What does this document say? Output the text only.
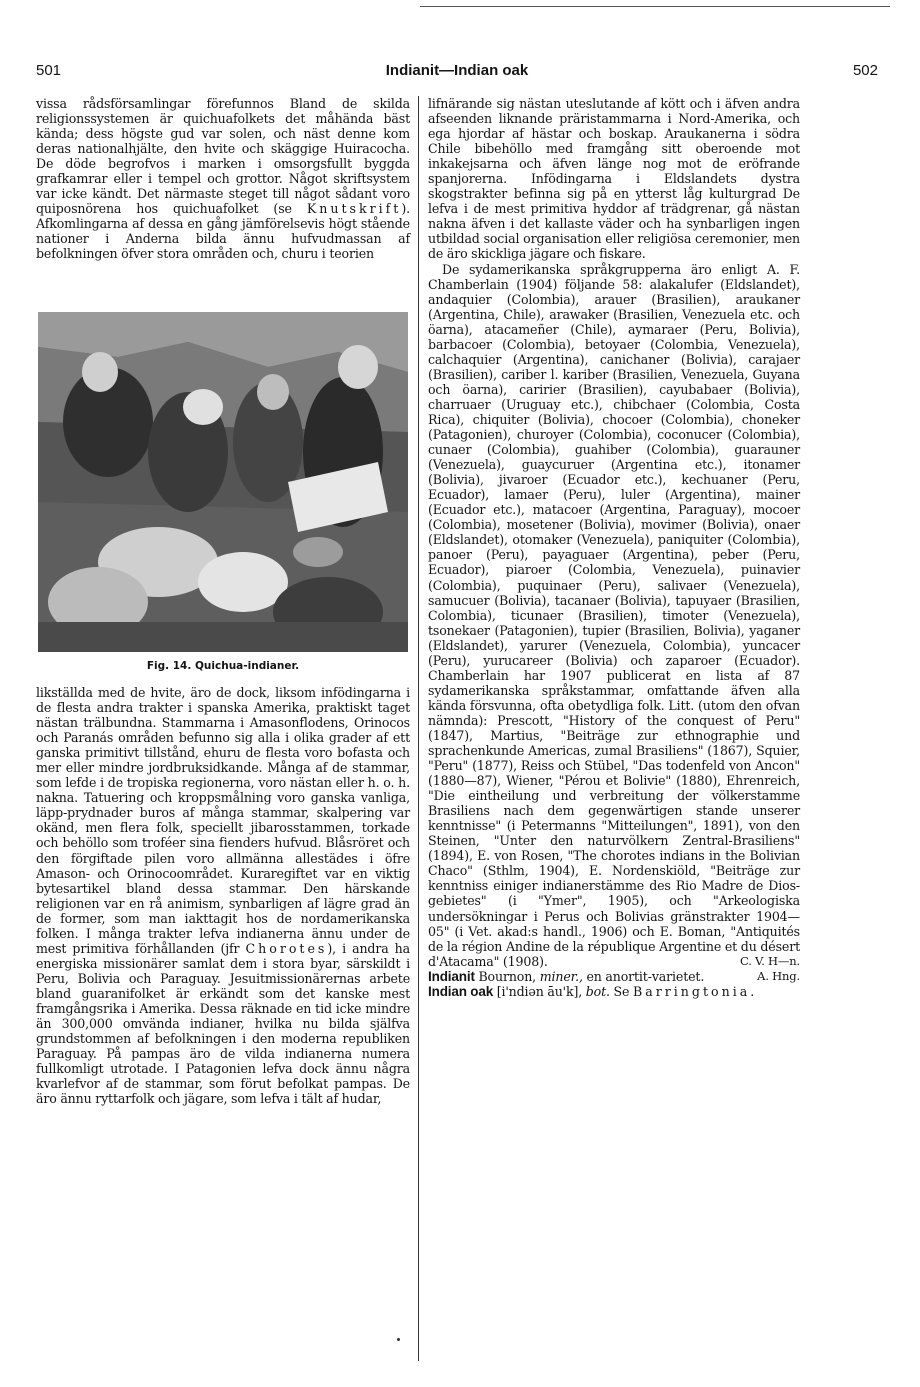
501	Indianit—Indian oak	502

vissa rådsförsamlingar förefunnos Bland de skilda religionssystemen är quichuafolkets det måhända bäst kända; dess högste gud var solen, och näst denne kom deras nationalhjälte, den hvite och skäggige Huiracocha. De döde begrofvos i marken i omsorgsfullt byggda grafkamrar eller i tempel och grottor. Något skriftsystem var icke kändt. Det närmaste steget till något sådant voro quiposnörena hos quichuafolket (se Knutskrift). Afkomlingarna af dessa en gång jämförelsevis högt stående nationer i Anderna bilda ännu hufvudmassan af befolkningen öfver stora områden och, churu i teorien

Fig. 14. Quichua-indianer.

likställda med de hvite, äro de dock, liksom infödingarna i de flesta andra trakter i spanska Amerika, praktiskt taget nästan trälbundna. Stammarna i Amasonflodens, Orinocos och Paranás områden befunno sig alla i olika grader af ett ganska primitivt tillstånd, ehuru de flesta voro bofasta och mer eller mindre jordbruksidkande. Många af de stammar, som lefde i de tropiska regionerna, voro nästan eller h. o. h. nakna. Tatuering och kroppsmålning voro ganska vanliga, läpp-prydnader buros af många stammar, skalpering var okänd, men flera folk, speciellt jibarosstammen, torkade och behöllo som troféer sina fienders hufvud. Blåsröret och den förgiftade pilen voro allmänna allestädes i öfre Amason- och Orinocoområdet. Kuraregiftet var en viktig bytesartikel bland dessa stammar. Den härskande religionen var en rå animism, synbarligen af lägre grad än de former, som man iakttagit hos de nordamerikanska folken. I många trakter lefva indianerna ännu under de mest primitiva förhållanden (jfr Chorotes), i andra ha energiska missionärer samlat dem i stora byar, särskildt i Peru, Bolivia och Paraguay. Jesuitmissionärernas arbete bland guaranifolket är erkändt som det kanske mest framgångsrika i Amerika. Dessa räknade en tid icke mindre än 300,000 omvända indianer, hvilka nu bilda själfva grundstommen af befolkningen i den moderna republiken Paraguay. På pampas äro de vilda indianerna numera fullkomligt utrotade. I Patagonien lefva dock ännu några kvarlefvor af de stammar, som förut befolkat pampas. De äro ännu ryttarfolk och jägare, som lefva i tält af hudar,

lifnärande sig nästan uteslutande af kött och i äfven andra afseenden liknande präristammarna i Nord-Amerika, och ega hjordar af hästar och boskap. Araukanerna i södra Chile bibehöllo med framgång sitt oberoende mot inkakejsarna och äfven länge nog mot de eröfrande spanjorerna. Infödingarna i Eldslandets dystra skogstrakter befinna sig på en ytterst låg kulturgrad De lefva i de mest primitiva hyddor af trädgrenar, gå nästan nakna äfven i det kallaste väder och ha synbarligen ingen utbildad social organisation eller religiösa ceremonier, men de äro skickliga jägare och fiskare.

De sydamerikanska språkgrupperna äro enligt A. F. Chamberlain (1904) följande 58: alakalufer (Eldslandet), andaquier (Colombia), arauer (Brasilien), araukaner (Argentina, Chile), arawaker (Brasilien, Venezuela etc. och öarna), atacameñer (Chile), aymaraer (Peru, Bolivia), barbacoer (Colombia), betoyaer (Colombia, Venezuela), calchaquier (Argentina), canichaner (Bolivia), carajaer (Brasilien), cariber l. kariber (Brasilien, Venezuela, Guyana och öarna), caririer (Brasilien), cayubabaer (Bolivia), charruaer (Uruguay etc.), chibchaer (Colombia, Costa Rica), chiquiter (Bolivia), chocoer (Colombia), choneker (Patagonien), churoyer (Colombia), coconucer (Colombia), cunaer (Colombia), guahiber (Colombia), guarauner (Venezuela), guaycuruer (Argentina etc.), itonamer (Bolivia), jivaroer (Ecuador etc.), kechuaner (Peru, Ecuador), lamaer (Peru), luler (Argentina), mainer (Ecuador etc.), matacoer (Argentina, Paraguay), mocoer (Colombia), mosetener (Bolivia), movimer (Bolivia), onaer (Eldslandet), otomaker (Venezuela), paniquiter (Colombia), panoer (Peru), payaguaer (Argentina), peber (Peru, Ecuador), piaroer (Colombia, Venezuela), puinavier (Colombia), puquinaer (Peru), salivaer (Venezuela), samucuer (Bolivia), tacanaer (Bolivia), tapuyaer (Brasilien, Colombia), ticunaer (Brasilien), timoter (Venezuela), tsonekaer (Patagonien), tupier (Brasilien, Bolivia), yaganer (Eldslandet), yarurer (Venezuela, Colombia), yuncacer (Peru), yurucareer (Bolivia) och zaparoer (Ecuador). Chamberlain har 1907 publicerat en lista af 87 sydamerikanska språkstammar, omfattande äfven alla kända försvunna, ofta obetydliga folk. Litt. (utom den ofvan nämnda): Prescott, "History of the conquest of Peru" (1847), Martius, "Beiträge zur ethnographie und sprachenkunde Americas, zumal Brasiliens" (1867), Squier, "Peru" (1877), Reiss och Stübel, "Das todenfeld von Ancon" (1880—87), Wiener, "Pérou et Bolivie" (1880), Ehrenreich, "Die eintheilung und verbreitung der völkerstamme Brasiliens nach dem gegenwärtigen stande unserer kenntnisse" (i Petermanns "Mitteilungen", 1891), von den Steinen, "Unter den naturvölkern Zentral-Brasiliens" (1894), E. von Rosen, "The chorotes indians in the Bolivian Chaco" (Sthlm, 1904), E. Nordenskiöld, "Beiträge zur kenntniss einiger indianerstämme des Rio Madre de Dios-gebietes" (i "Ymer", 1905), och "Arkeologiska undersökningar i Perus och Bolivias gränstrakter 1904—05" (i Vet. akad:s handl., 1906) och E. Boman, "Antiquités de la région Andine de la république Argentine et du désert d'Atacama" (1908).	C. V. H—n.

Indianit Bournon, miner., en anortit-varietet.	A. Hng.

Indian oak [i'ndiən āu'k], bot. Se Barringtonia.
